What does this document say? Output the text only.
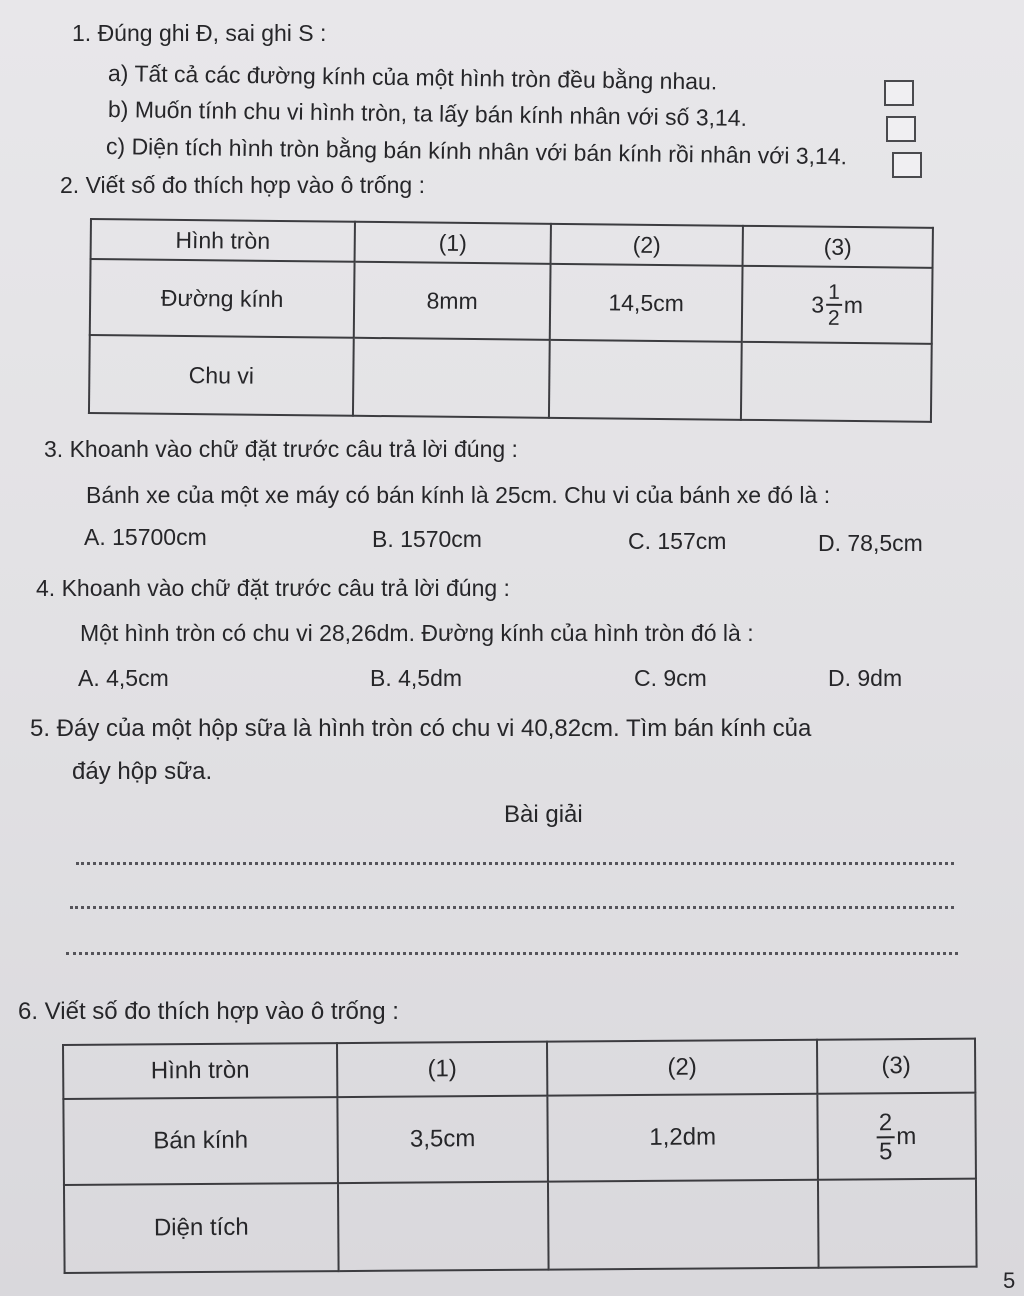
1. Đúng ghi Đ, sai ghi S :
a) Tất cả các đường kính của một hình tròn đều bằng nhau.
b) Muốn tính chu vi hình tròn, ta lấy bán kính nhân với số 3,14.
c) Diện tích hình tròn bằng bán kính nhân với bán kính rồi nhân với 3,14.
2. Viết số đo thích hợp vào ô trống :
Hình tròn	(1)	(2)	(3)
Đường kính	8mm	14,5cm	$3 \frac{1}{2}$ m

Chu vi			
3. Khoanh vào chữ đặt trước câu trả lời đúng :
Bánh xe của một xe máy có bán kính là 25cm. Chu vi của bánh xe đó là :
A. 15700cm	B. 1570cm	C. 157cm	D. 78,5cm
4. Khoanh vào chữ đặt trước câu trả lời đúng :
Một hình tròn có chu vi 28,26dm. Đường kính của hình tròn đó là :
A. 4,5cm	B. 4,5dm	C. 9cm	D. 9dm
5. Đáy của một hộp sữa là hình tròn có chu vi 40,82cm. Tìm bán kính của
đáy hộp sữa.
Bài giải
6. Viết số đo thích hợp vào ô trống :
Hình tròn	(1)	(2)	(3)
Bán kính	3,5cm	1,2dm	$\frac{2}{5}$ m

Diện tích			
5
